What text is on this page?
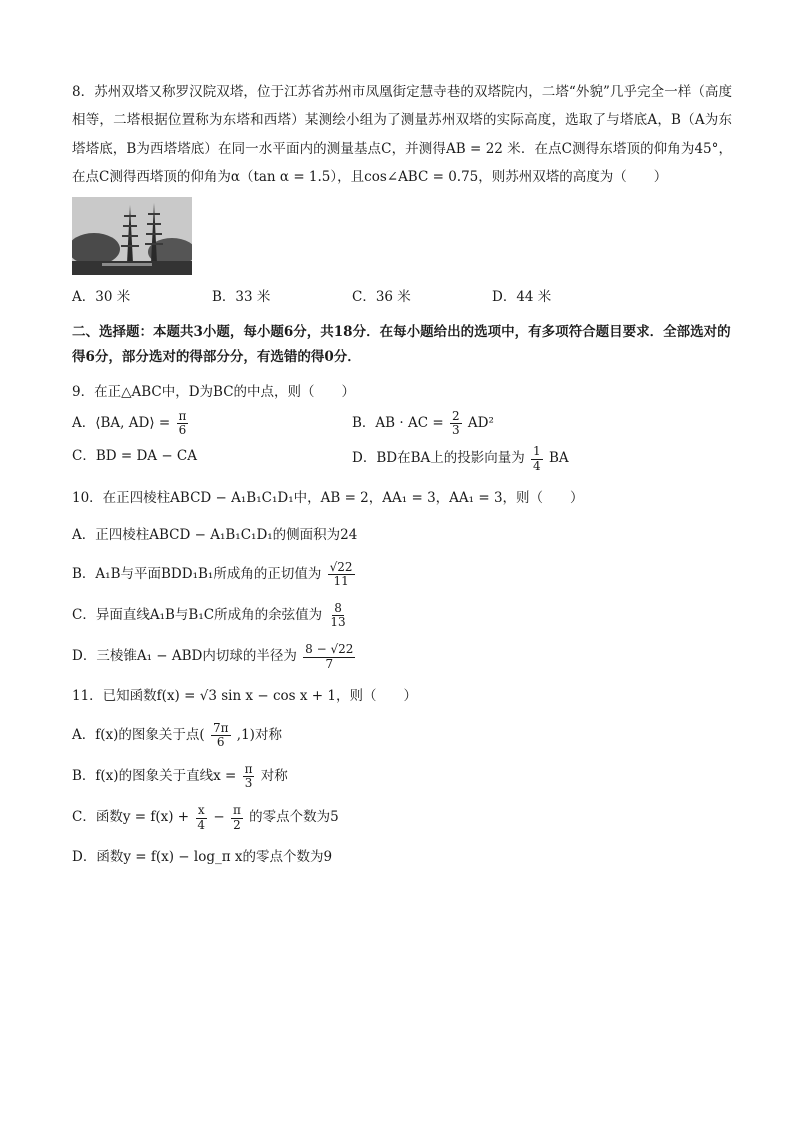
8．苏州双塔又称罗汉院双塔，位于江苏省苏州市凤凰街定慧寺巷的双塔院内，二塔“外貌”几乎完全一样（高度相等，二塔根据位置称为东塔和西塔）某测绘小组为了测量苏州双塔的实际高度，选取了与塔底A，B（A为东塔塔底，B为西塔塔底）在同一水平面内的测量基点C，并测得AB = 22 米．在点C测得东塔顶的仰角为45°，在点C测得西塔顶的仰角为α（tan α = 1.5），且cos∠ABC = 0.75，则苏州双塔的高度为（　　）
A．30 米	B．33 米	C．36 米	D．44 米
二、选择题：本题共3小题，每小题6分，共18分．在每小题给出的选项中，有多项符合题目要求．全部选对的得6分，部分选对的得部分分，有选错的得0分．
9．在正△ABC中，D为BC的中点，则（　　）
A．⟨BA, AD⟩ = $\frac{\pi}{6}$	B．AB · AC = $\frac{2}{3} AD^2$
C．BD = DA − CA	D．BD在BA上的投影向量为 $\frac{1}{4}$ BA
10．在正四棱柱ABCD − A₁B₁C₁D₁中，AB = 2，AA₁ = 3，AA₁ = 3，则（　　）
A．正四棱柱ABCD − A₁B₁C₁D₁的侧面积为24
B．A₁B与平面BDD₁B₁所成角的正切值为 $\frac{√22}{11}$
C．异面直线A₁B与B₁C所成角的余弦值为 $\frac{8}{13}$
D．三棱锥A₁ − ABD内切球的半径为 $\frac{8 - √22}{7}$
11．已知函数f(x) = √3 sin x − cos x + 1，则（　　）
A．f(x)的图象关于点( $\frac{7\pi}{6} ,1$)对称
B．f(x)的图象关于直线$x = \frac{\pi}{3}$ 对称
C．函数$y = f(x) + \frac{x}{4} - \frac{\pi}{2}$ 的零点个数为5
D．函数y = f(x) − log_π x的零点个数为9
